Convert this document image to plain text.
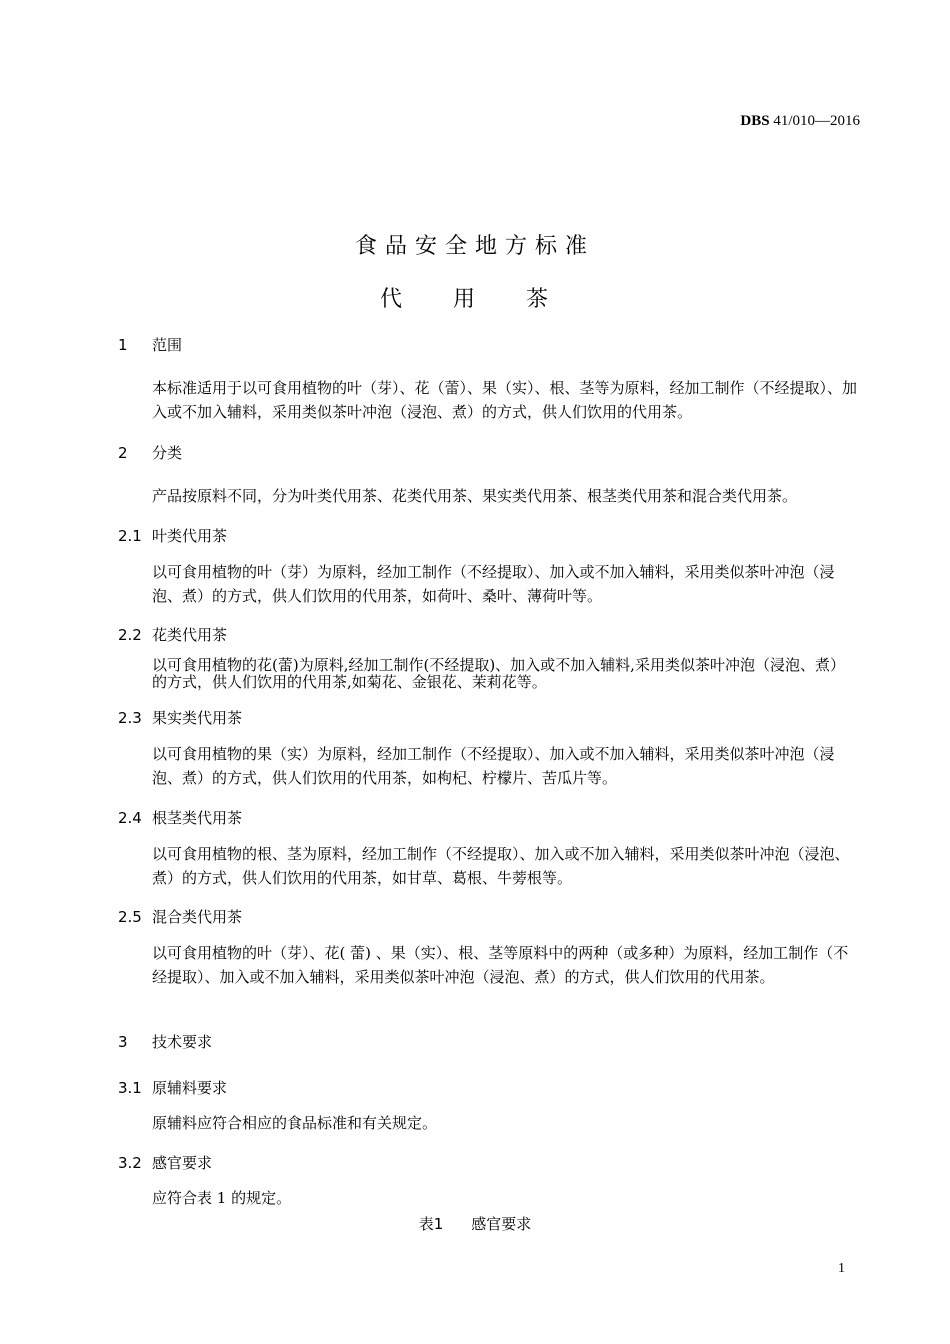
DBS 41/010—2016
食品安全地方标准
代 用 茶
1 范围
本标准适用于以可食用植物的叶（芽）、花（蕾）、果（实）、根、茎等为原料，经加工制作（不经提取）、加入或不加入辅料，采用类似茶叶冲泡（浸泡、煮）的方式，供人们饮用的代用茶。
2 分类
产品按原料不同，分为叶类代用茶、花类代用茶、果实类代用茶、根茎类代用茶和混合类代用茶。
2.1 叶类代用茶
以可食用植物的叶（芽）为原料，经加工制作（不经提取）、加入或不加入辅料，采用类似茶叶冲泡（浸泡、煮）的方式，供人们饮用的代用茶，如荷叶、桑叶、薄荷叶等。
2.2 花类代用茶
以可食用植物的花(蕾)为原料,经加工制作(不经提取)、加入或不加入辅料,采用类似茶叶冲泡（浸泡、煮）的方式，供人们饮用的代用茶,如菊花、金银花、茉莉花等。
2.3 果实类代用茶
以可食用植物的果（实）为原料，经加工制作（不经提取）、加入或不加入辅料，采用类似茶叶冲泡（浸泡、煮）的方式，供人们饮用的代用茶，如枸杞、柠檬片、苦瓜片等。
2.4 根茎类代用茶
以可食用植物的根、茎为原料，经加工制作（不经提取）、加入或不加入辅料，采用类似茶叶冲泡（浸泡、煮）的方式，供人们饮用的代用茶，如甘草、葛根、牛蒡根等。
2.5 混合类代用茶
以可食用植物的叶（芽）、花( 蕾) 、果（实）、根、茎等原料中的两种（或多种）为原料，经加工制作（不经提取）、加入或不加入辅料，采用类似茶叶冲泡（浸泡、煮）的方式，供人们饮用的代用茶。
3 技术要求
3.1 原辅料要求
原辅料应符合相应的食品标准和有关规定。
3.2 感官要求
应符合表 1 的规定。
表1 感官要求
1
